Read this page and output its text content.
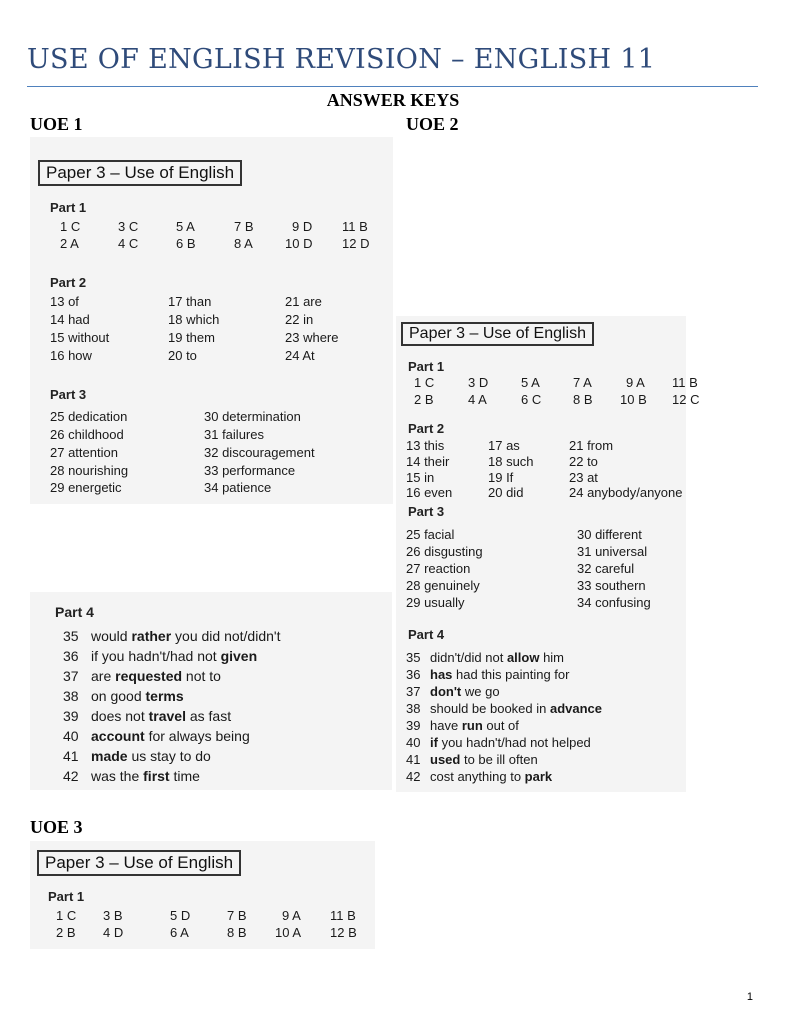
USE OF ENGLISH REVISION – ENGLISH 11
ANSWER KEYS
UOE 1	UOE 2
UOE 3
Paper 3 – Use of English
Part 1
1 C	3 C	5 A	7 B	9 D 11 B
2 A	4 C	6 B	8 A 10 D 12 D
Part 2
13 of	17 than	21 are
14 had	18 which	22 in
15 without	19 them	23 where
16 how	20 to	24 At
Part 3
25 dedication	30 determination
26 childhood	31 failures
27 attention	32 discouragement
28 nourishing	33 performance
29 energetic	34 patience
Part 4
35 would rather you did not/didn't
36 if you hadn't/had not given
37 are requested not to
38 on good terms
39 does not travel as fast
40 account for always being
41 made us stay to do
42 was the first time
Paper 3 – Use of English
Part 1
1 C	3 D	5 A	7 A	9 A 11 B
2 B	4 A	6 C 8 B 10 B 12 C
Part 2
13 this	17 as	21 from
14 their	18 such	22 to
15 in	19 If	23 at
16 even	20 did	24 anybody/anyone
Part 3
25 facial	30 different
26 disgusting	31 universal
27 reaction	32 careful
28 genuinely	33 southern
29 usually	34 confusing
Part 4
35 didn't/did not allow him
36 has had this painting for
37 don't we go
38 should be booked in advance
39 have run out of
40 if you hadn't/had not helped
41 used to be ill often
42 cost anything to park
Paper 3 – Use of English
Part 1
1 C 3 B	5 D	7 B	9 A 11 B
2 B 4 D	6 A	8 B 10 A 12 B
1
